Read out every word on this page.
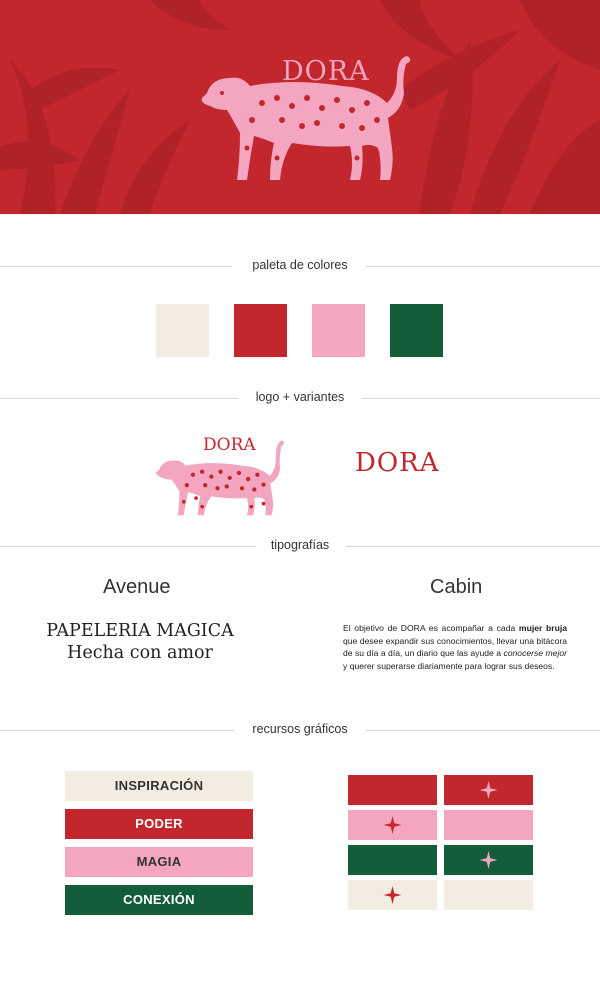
DORA
paleta de colores
logo + variantes
DORA
DORA
tipografías
Avenue	Cabin
PAPELERIA MAGICA
Hecha con amor
El objetivo de DORA es acompañar a cada mujer bruja que desee expandir sus conocimientos, llevar una bitácora de su día a día, un diario que las ayude a conocerse mejor y querer superarse diariamente para lograr sus deseos.
recursos gráficos
INSPIRACIÓN
PODER
MAGIA
CONEXIÓN
